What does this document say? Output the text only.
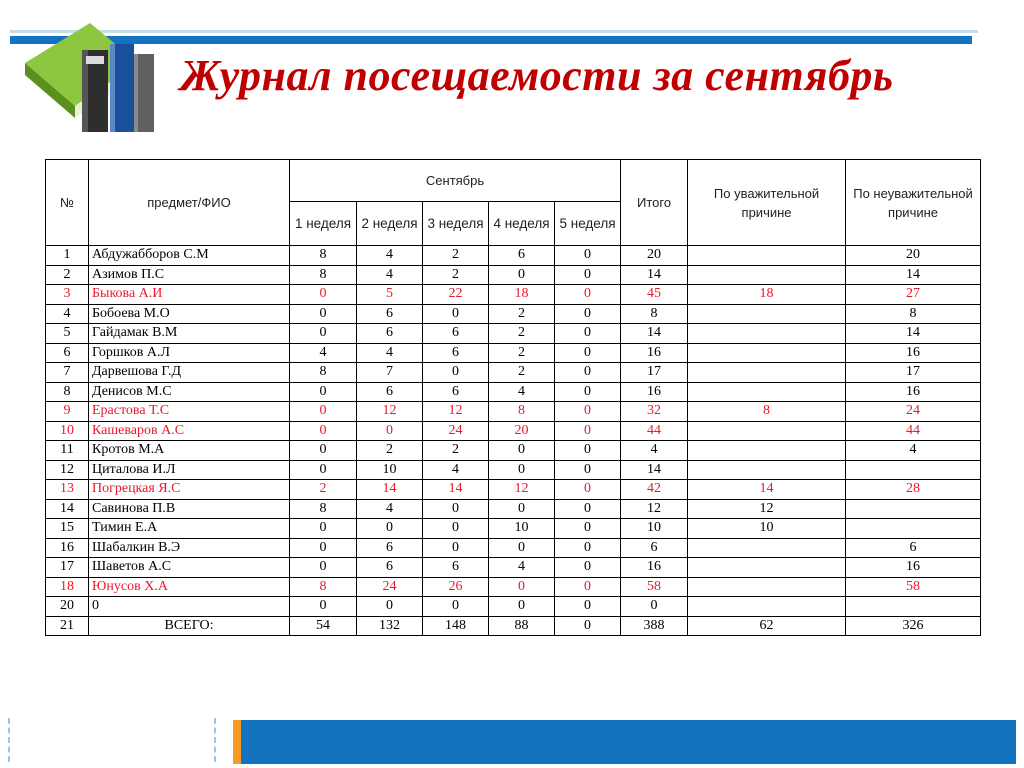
Журнал посещаемости за сентябрь
№	предмет/ФИО	Сентябрь					Итого	По уважительной причине	По неуважительной причине
		1 неделя	2 неделя	3 неделя	4 неделя	5 неделя			
1	Абдужабборов С.М	8	4	2	6	0	20		20
2	Азимов П.С	8	4	2	0	0	14		14
3	Быкова А.И	0	5	22	18	0	45	18	27
4	Бобоева М.О	0	6	0	2	0	8		8
5	Гайдамак В.М	0	6	6	2	0	14		14
6	Горшков А.Л	4	4	6	2	0	16		16
7	Дарвешова Г.Д	8	7	0	2	0	17		17
8	Денисов М.С	0	6	6	4	0	16		16
9	Ерастова Т.С	0	12	12	8	0	32	8	24
10	Кашеваров А.С	0	0	24	20	0	44		44
11	Кротов М.А	0	2	2	0	0	4		4
12	Циталова И.Л	0	10	4	0	0	14		
13	Погрецкая Я.С	2	14	14	12	0	42	14	28
14	Савинова П.В	8	4	0	0	0	12	12	
15	Тимин Е.А	0	0	0	10	0	10	10	
16	Шабалкин В.Э	0	6	0	0	0	6		6
17	Шаветов А.С	0	6	6	4	0	16		16
18	Юнусов Х.А	8	24	26	0	0	58		58
20	0	0	0	0	0	0	0		
21	ВСЕГО:	54	132	148	88	0	388	62	326
